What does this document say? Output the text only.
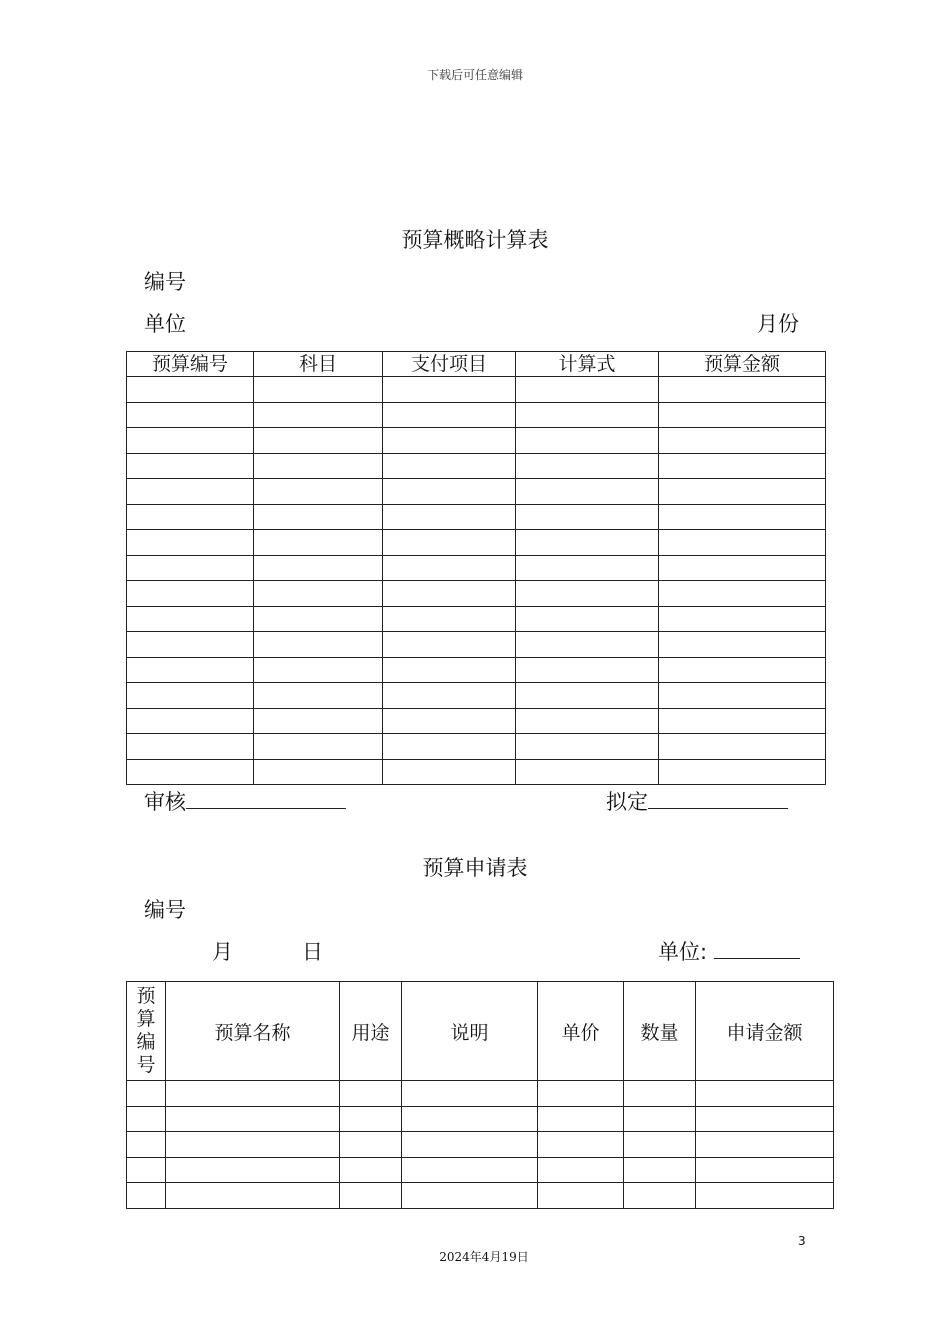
下载后可任意编辑
预算概略计算表
编号
单位	月份
预算编号	科目	支付项目	计算式	预算金额

审核	拟定
预算申请表
编号
月	日	单位:
预
算
编
号	预算名称	用途	说明	单价	数量	申请金额

3
2024年4月19日
